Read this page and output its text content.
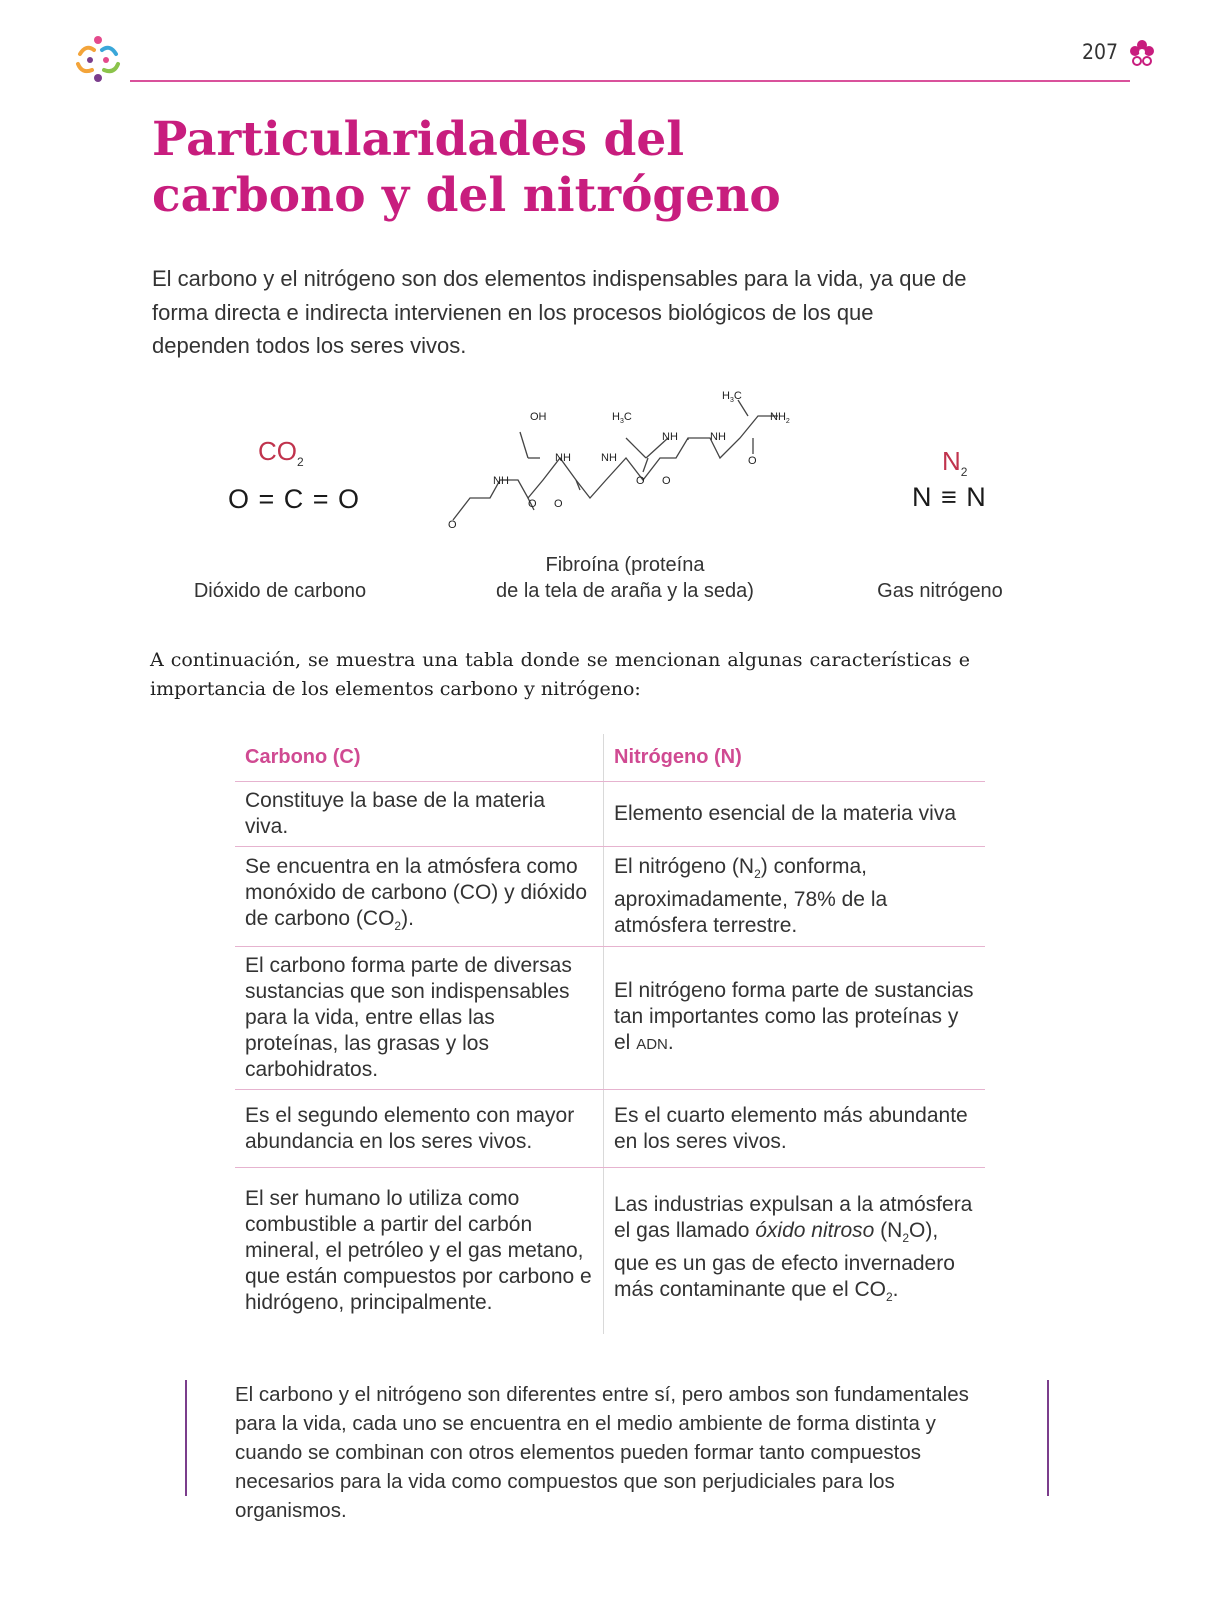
207
Particularidades del
carbono y del nitrógeno

El carbono y el nitrógeno son dos elementos indispensables para la vida, ya que de forma directa e indirecta intervienen en los procesos biológicos de los que dependen todos los seres vivos.

$CO_2$
O = C = O
Dióxido de carbono
O
NH
OH
NH
O O
NH
$H_3C$
NH
O O
NH
O
$H_3C$
$NH_2$
Fibroína (proteína
de la tela de araña y la seda)
$N_2$
N ≡ N
Gas nitrógeno

A continuación, se muestra una tabla donde se mencionan algunas características e importancia de los elementos carbono y nitrógeno:

Carbono (C)	Nitrógeno (N)
Constituye la base de la materia viva.	Elemento esencial de la materia viva
Se encuentra en la atmósfera como monóxido de carbono (CO) y dióxido de carbono $(CO_2)$.	El nitrógeno $(N_2)$ conforma, aproximadamente, 78% de la atmósfera terrestre.
El carbono forma parte de diversas sustancias que son indispensables para la vida, entre ellas las proteínas, las grasas y los carbohidratos.	El nitrógeno forma parte de sustancias tan importantes como las proteínas y el ADN.
Es el segundo elemento con mayor abundancia en los seres vivos.	Es el cuarto elemento más abundante en los seres vivos.
El ser humano lo utiliza como combustible a partir del carbón mineral, el petróleo y el gas metano, que están compuestos por carbono e hidrógeno, principalmente.	Las industrias expulsan a la atmósfera el gas llamado óxido nitroso $(N_2O)$, que es un gas de efecto invernadero más contaminante que el $CO_2$.

El carbono y el nitrógeno son diferentes entre sí, pero ambos son fundamentales para la vida, cada uno se encuentra en el medio ambiente de forma distinta y cuando se combinan con otros elementos pueden formar tanto compuestos necesarios para la vida como compuestos que son perjudiciales para los organismos.
